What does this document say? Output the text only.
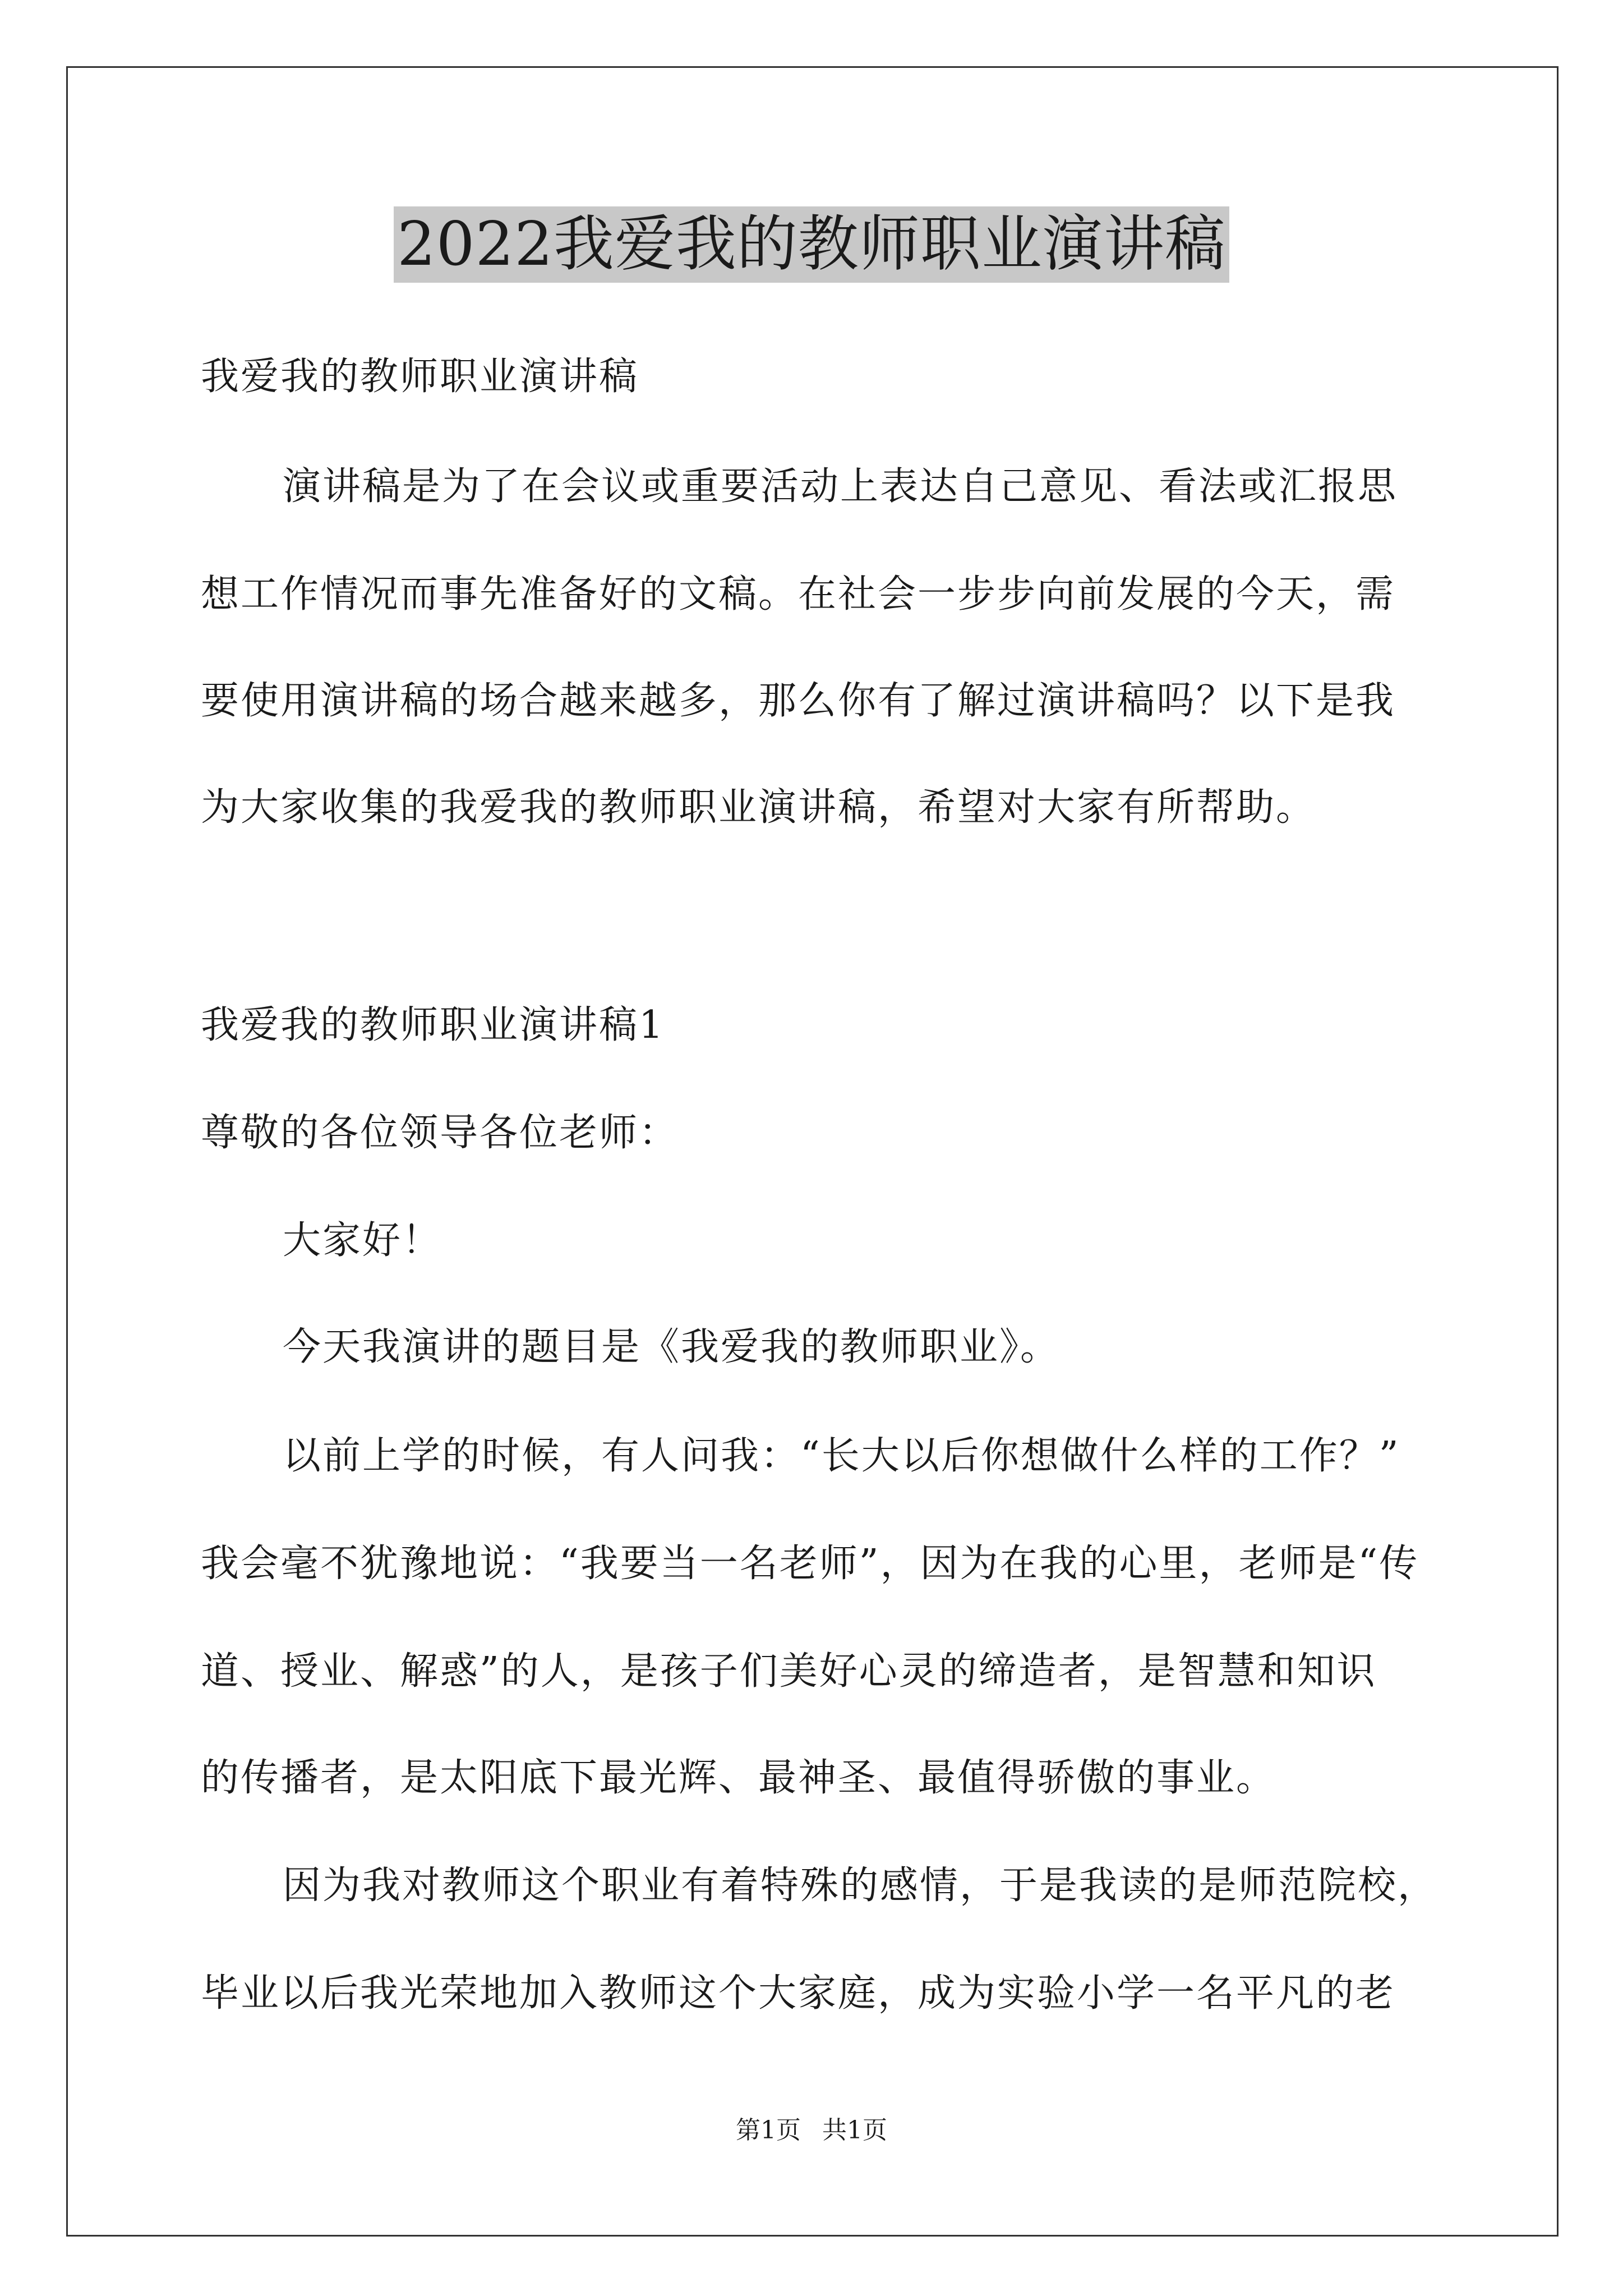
2022我爱我的教师职业演讲稿
我爱我的教师职业演讲稿
演讲稿是为了在会议或重要活动上表达自己意见、看法或汇报思
想工作情况而事先准备好的文稿。在社会一步步向前发展的今天，需
要使用演讲稿的场合越来越多，那么你有了解过演讲稿吗？以下是我
为大家收集的我爱我的教师职业演讲稿，希望对大家有所帮助。
我爱我的教师职业演讲稿1
尊敬的各位领导各位老师：
大家好！
今天我演讲的题目是《我爱我的教师职业》。
以前上学的时候，有人问我：“长大以后你想做什么样的工作？”
我会毫不犹豫地说：“我要当一名老师”，因为在我的心里，老师是“传
道、授业、解惑”的人，是孩子们美好心灵的缔造者，是智慧和知识
的传播者，是太阳底下最光辉、最神圣、最值得骄傲的事业。
因为我对教师这个职业有着特殊的感情，于是我读的是师范院校，
毕业以后我光荣地加入教师这个大家庭，成为实验小学一名平凡的老
第1页 共1页
